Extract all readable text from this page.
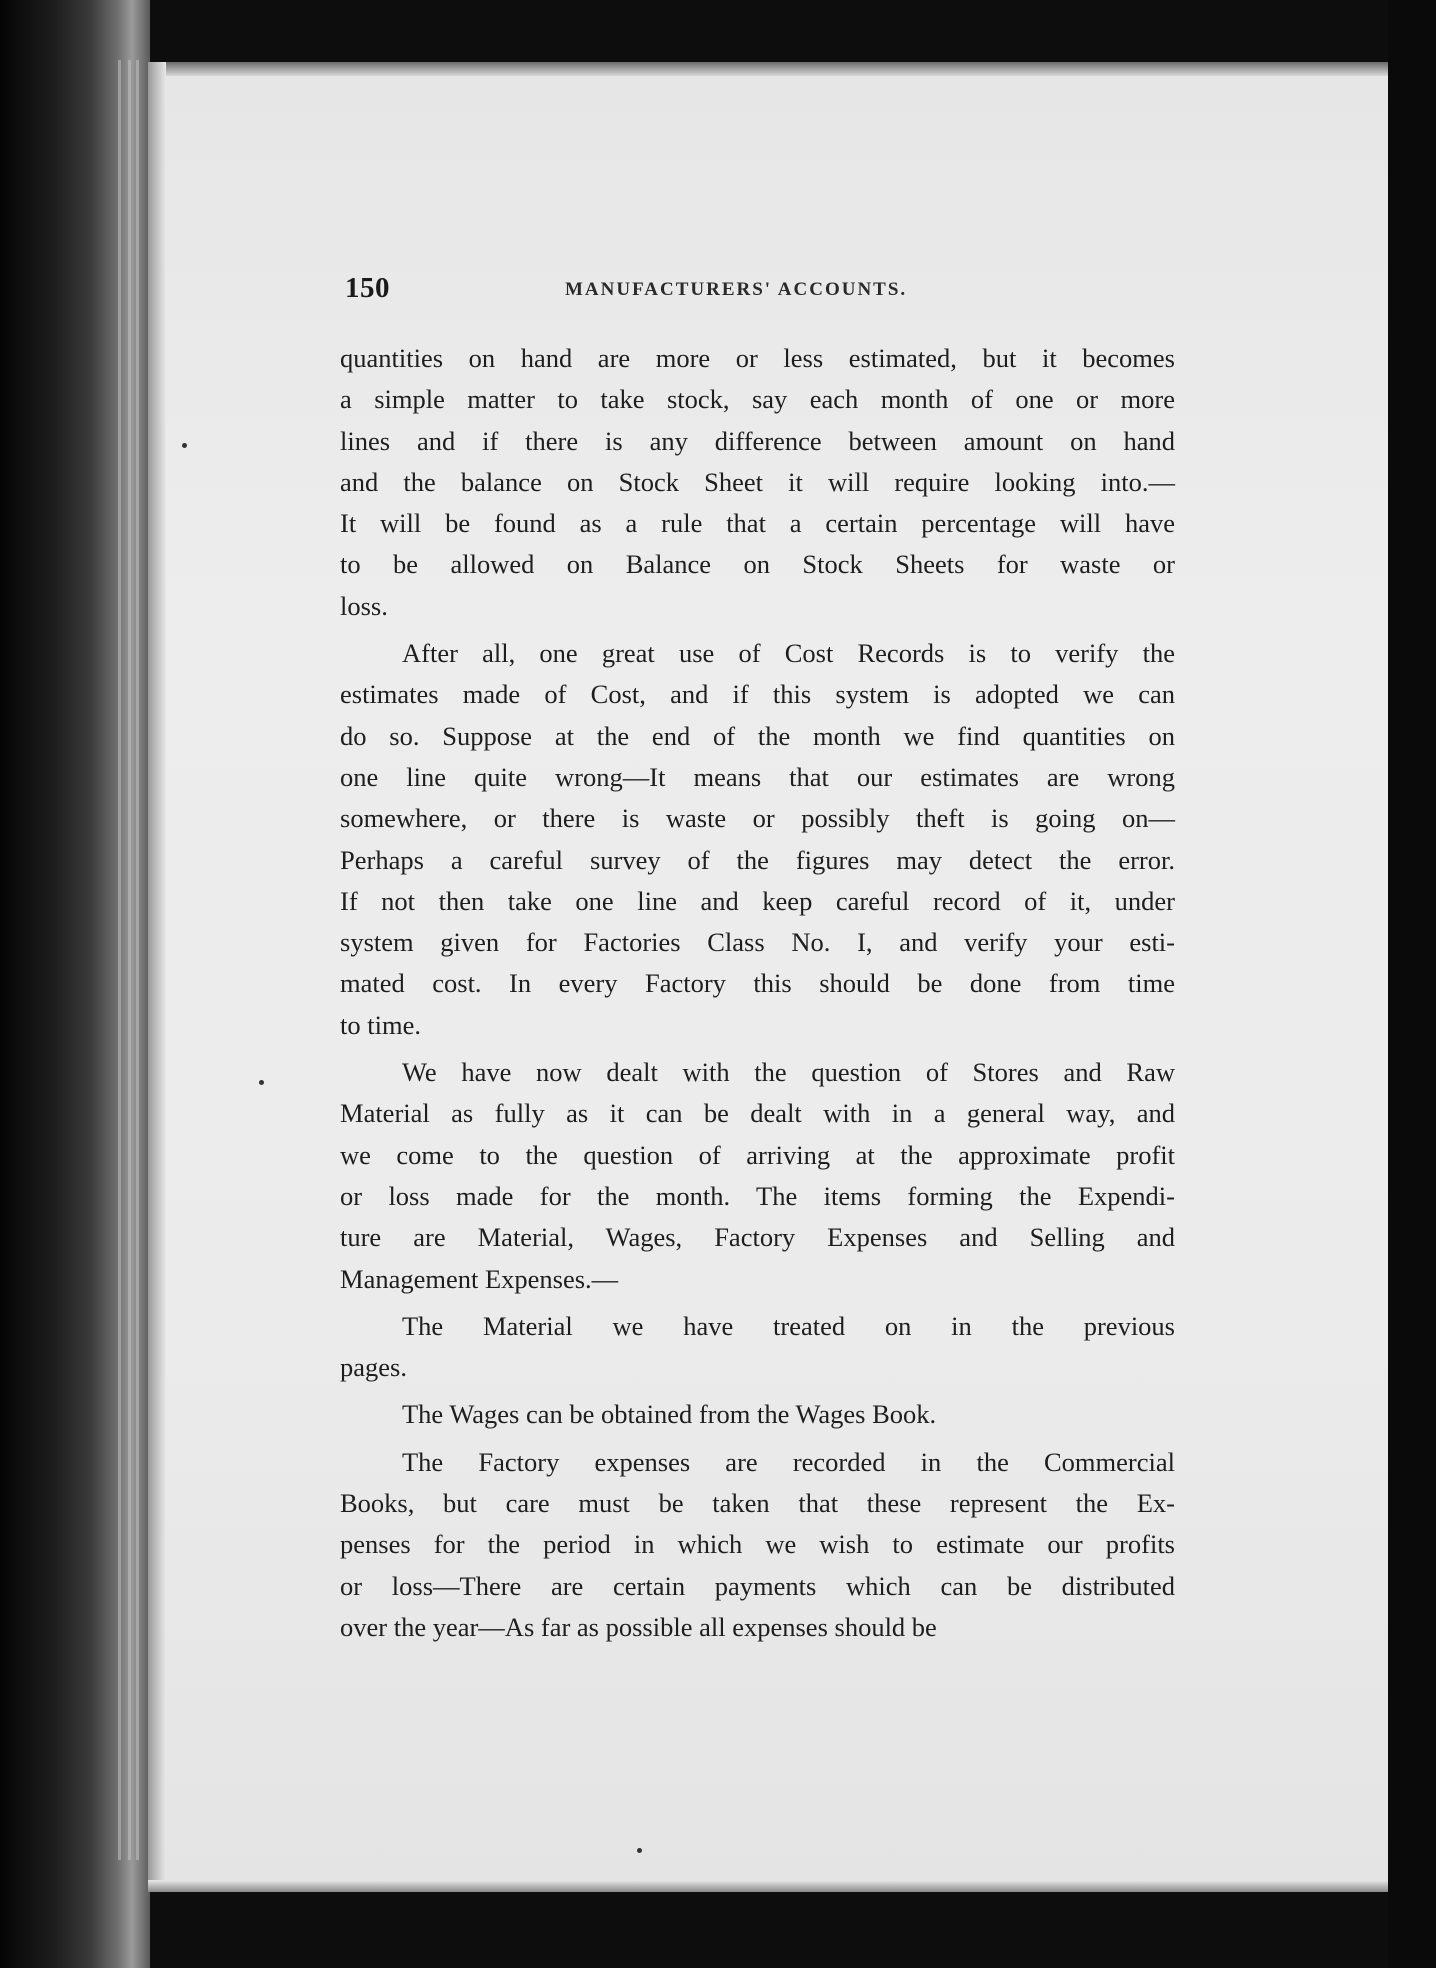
150	MANUFACTURERS' ACCOUNTS.
quantities on hand are more or less estimated, but it becomes
a simple matter to take stock, say each month of one or more
lines and if there is any difference between amount on hand
and the balance on Stock Sheet it will require looking into.—
It will be found as a rule that a certain percentage will have
to be allowed on Balance on Stock Sheets for waste or
loss.
After all, one great use of Cost Records is to verify the
estimates made of Cost, and if this system is adopted we can
do so. Suppose at the end of the month we find quantities on
one line quite wrong—It means that our estimates are wrong
somewhere, or there is waste or possibly theft is going on—
Perhaps a careful survey of the figures may detect the error.
If not then take one line and keep careful record of it, under
system given for Factories Class No. I, and verify your esti-
mated cost. In every Factory this should be done from time
to time.
We have now dealt with the question of Stores and Raw
Material as fully as it can be dealt with in a general way, and
we come to the question of arriving at the approximate profit
or loss made for the month. The items forming the Expendi-
ture are Material, Wages, Factory Expenses and Selling and
Management Expenses.—
The Material we have treated on in the previous
pages.
The Wages can be obtained from the Wages Book.
The Factory expenses are recorded in the Commercial
Books, but care must be taken that these represent the Ex-
penses for the period in which we wish to estimate our profits
or loss—There are certain payments which can be distributed
over the year—As far as possible all expenses should be
